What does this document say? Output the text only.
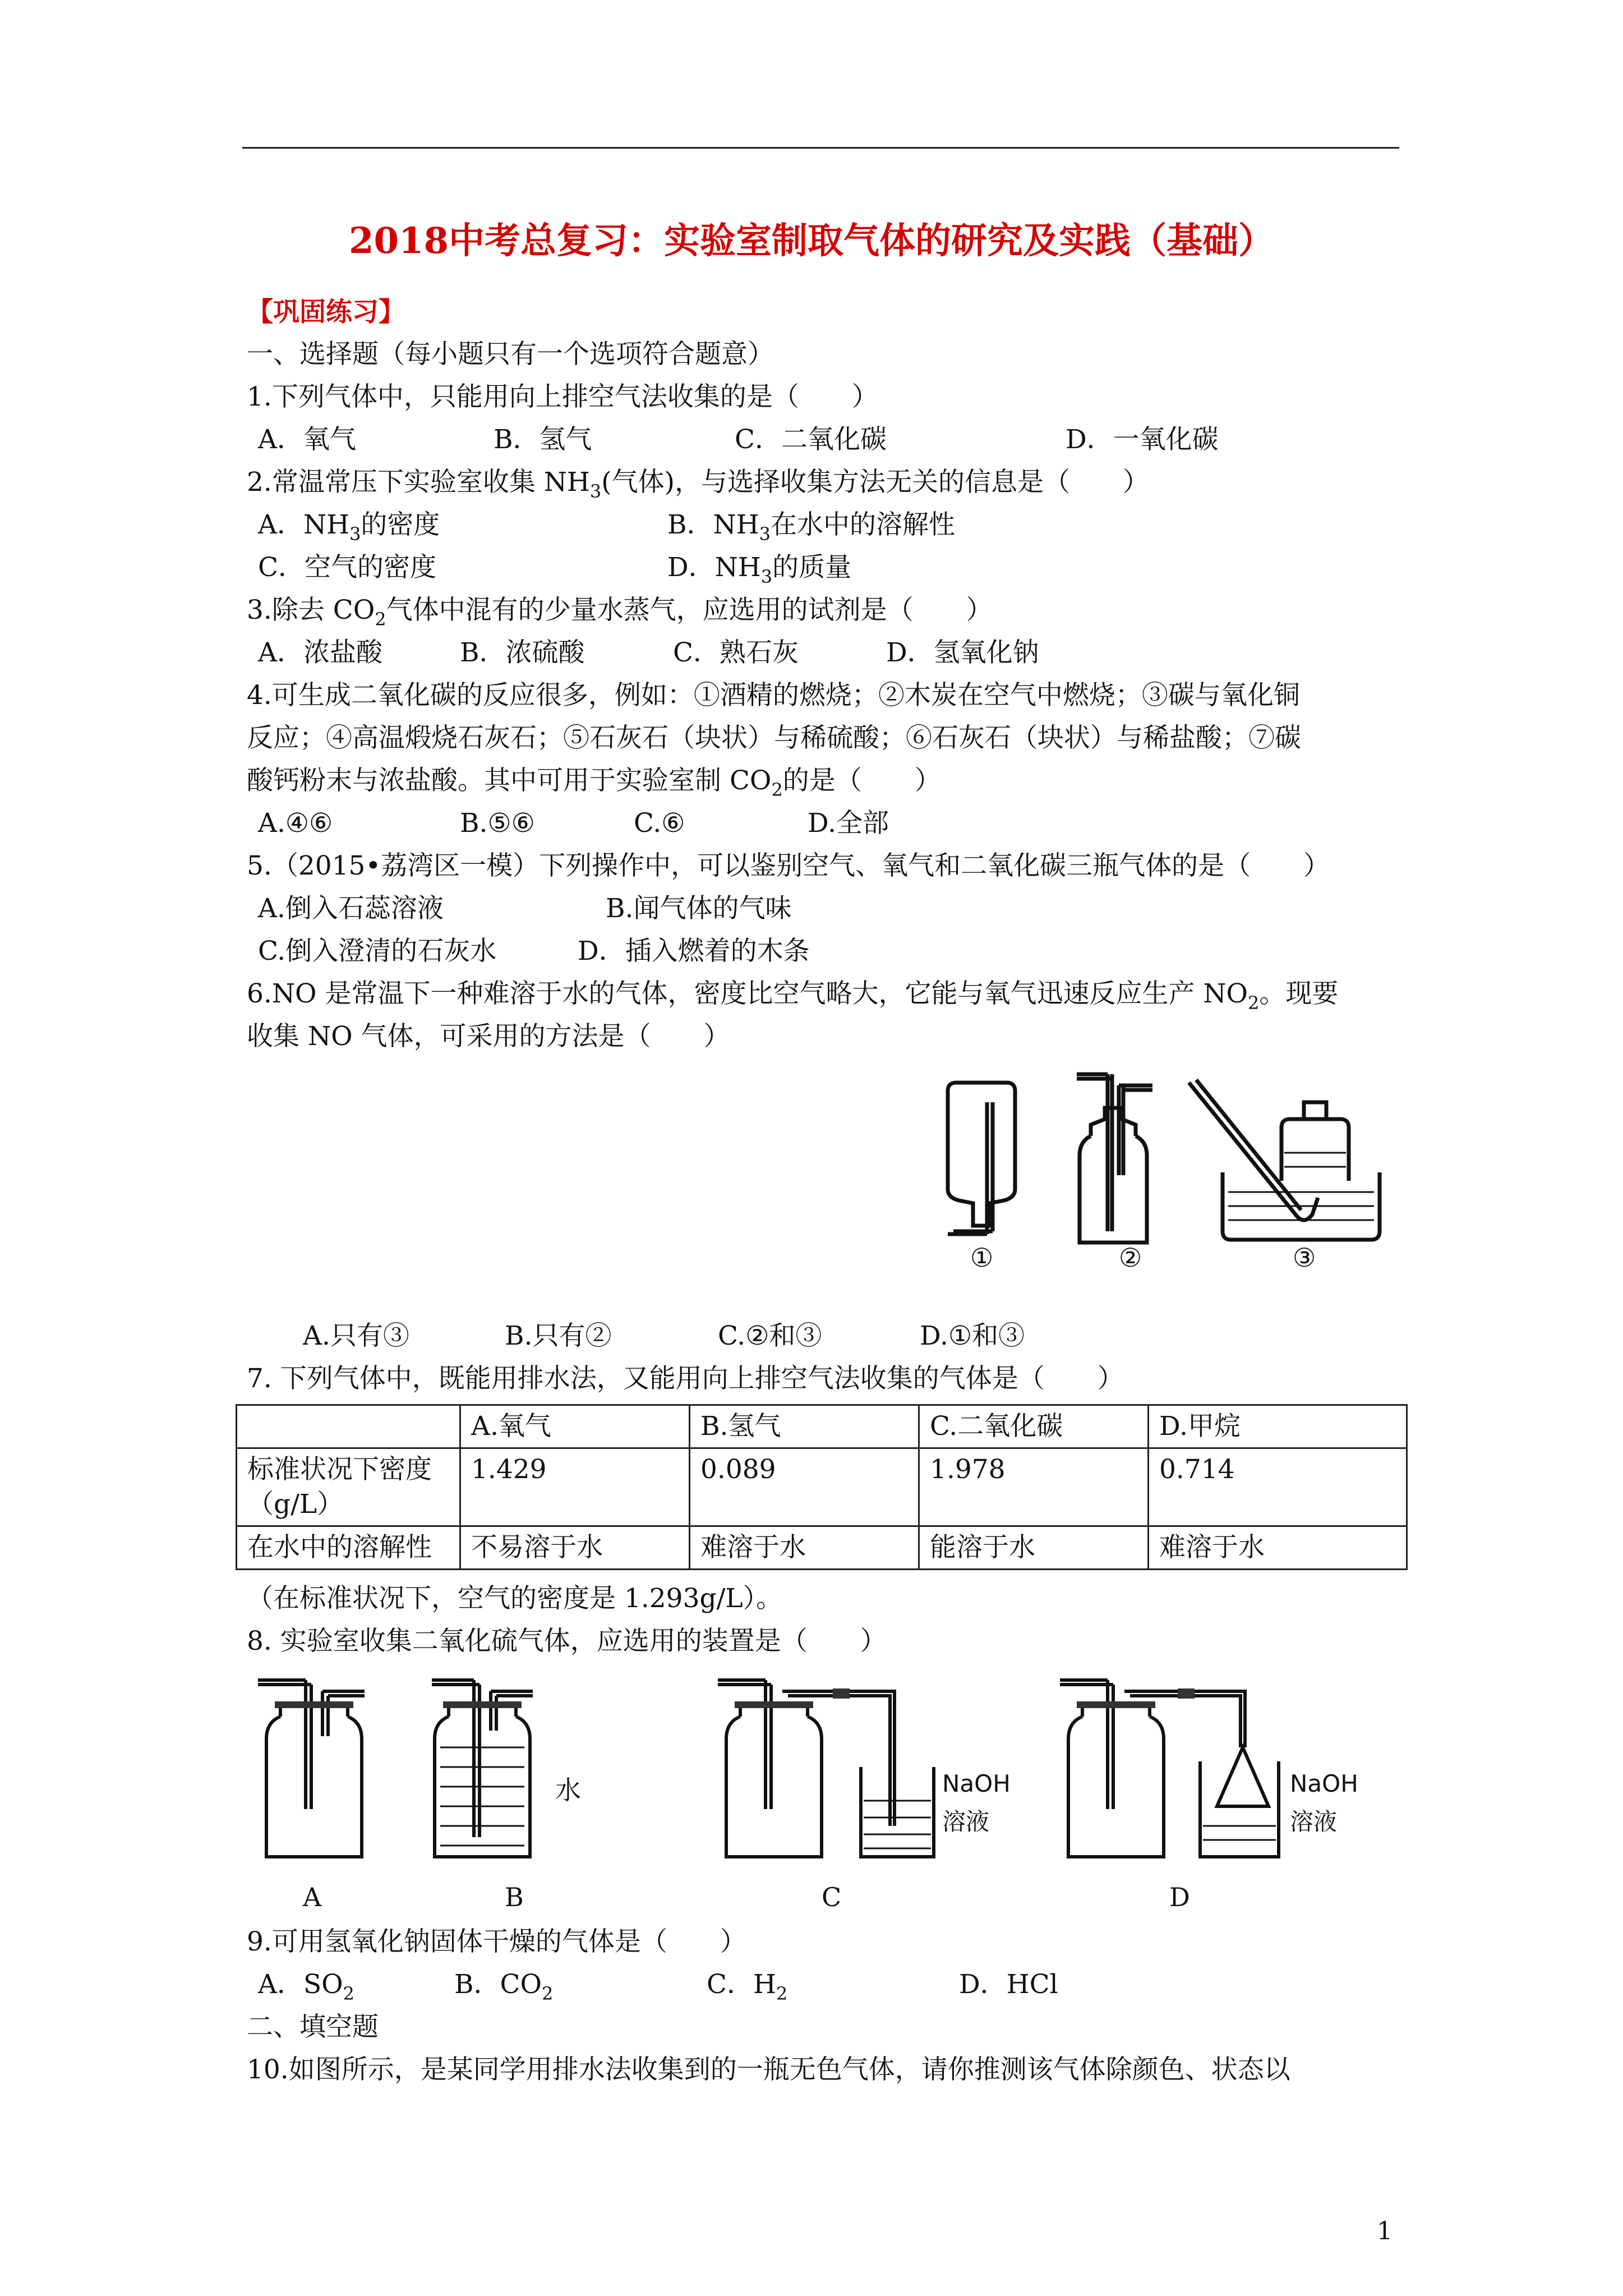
2018中考总复习：实验室制取气体的研究及实践（基础）
【巩固练习】
一、选择题（每小题只有一个选项符合题意）
1.下列气体中，只能用向上排空气法收集的是（　　）
A．氧气	B．氢气	C．二氧化碳	D．一氧化碳
2.常温常压下实验室收集 $NH_3$(气体)，与选择收集方法无关的信息是（　　）
A．$NH_3$的密度	B．$NH_3$在水中的溶解性
C．空气的密度	D．$NH_3$的质量
3.除去 $CO_2$气体中混有的少量水蒸气，应选用的试剂是（　　）
A．浓盐酸	B．浓硫酸	C．熟石灰	D．氢氧化钠
4.可生成二氧化碳的反应很多，例如：①酒精的燃烧；②木炭在空气中燃烧；③碳与氧化铜
反应；④高温煅烧石灰石；⑤石灰石（块状）与稀硫酸；⑥石灰石（块状）与稀盐酸；⑦碳
酸钙粉末与浓盐酸。其中可用于实验室制 $CO_2$的是（　　）
A.④⑥	B.⑤⑥	C.⑥	D.全部
5.（2015•荔湾区一模）下列操作中，可以鉴别空气、氧气和二氧化碳三瓶气体的是（　　）
A.倒入石蕊溶液	B.闻气体的气味
C.倒入澄清的石灰水	D．插入燃着的木条
6.NO 是常温下一种难溶于水的气体，密度比空气略大，它能与氧气迅速反应生产 $NO_2$。现要
收集 NO 气体，可采用的方法是（　　）
①	②	③
A.只有③	B.只有②	C.②和③	D.①和③
7. 下列气体中，既能用排水法，又能用向上排空气法收集的气体是（　　）
	A.氧气	B.氢气	C.二氧化碳	D.甲烷
标准状况下密度（g/L）	1.429	0.089	1.978	0.714
在水中的溶解性	不易溶于水	难溶于水	能溶于水	难溶于水
（在标准状况下，空气的密度是 1.293g/L）。
8. 实验室收集二氧化硫气体，应选用的装置是（　　）
水	NaOH
溶液
NaOH
溶液
A	B	C	D
9.可用氢氧化钠固体干燥的气体是（　　）
A．$SO_2$	B．$CO_2$	C．$H_2$	D．HCl
二、填空题
10.如图所示，是某同学用排水法收集到的一瓶无色气体，请你推测该气体除颜色、状态以
1
